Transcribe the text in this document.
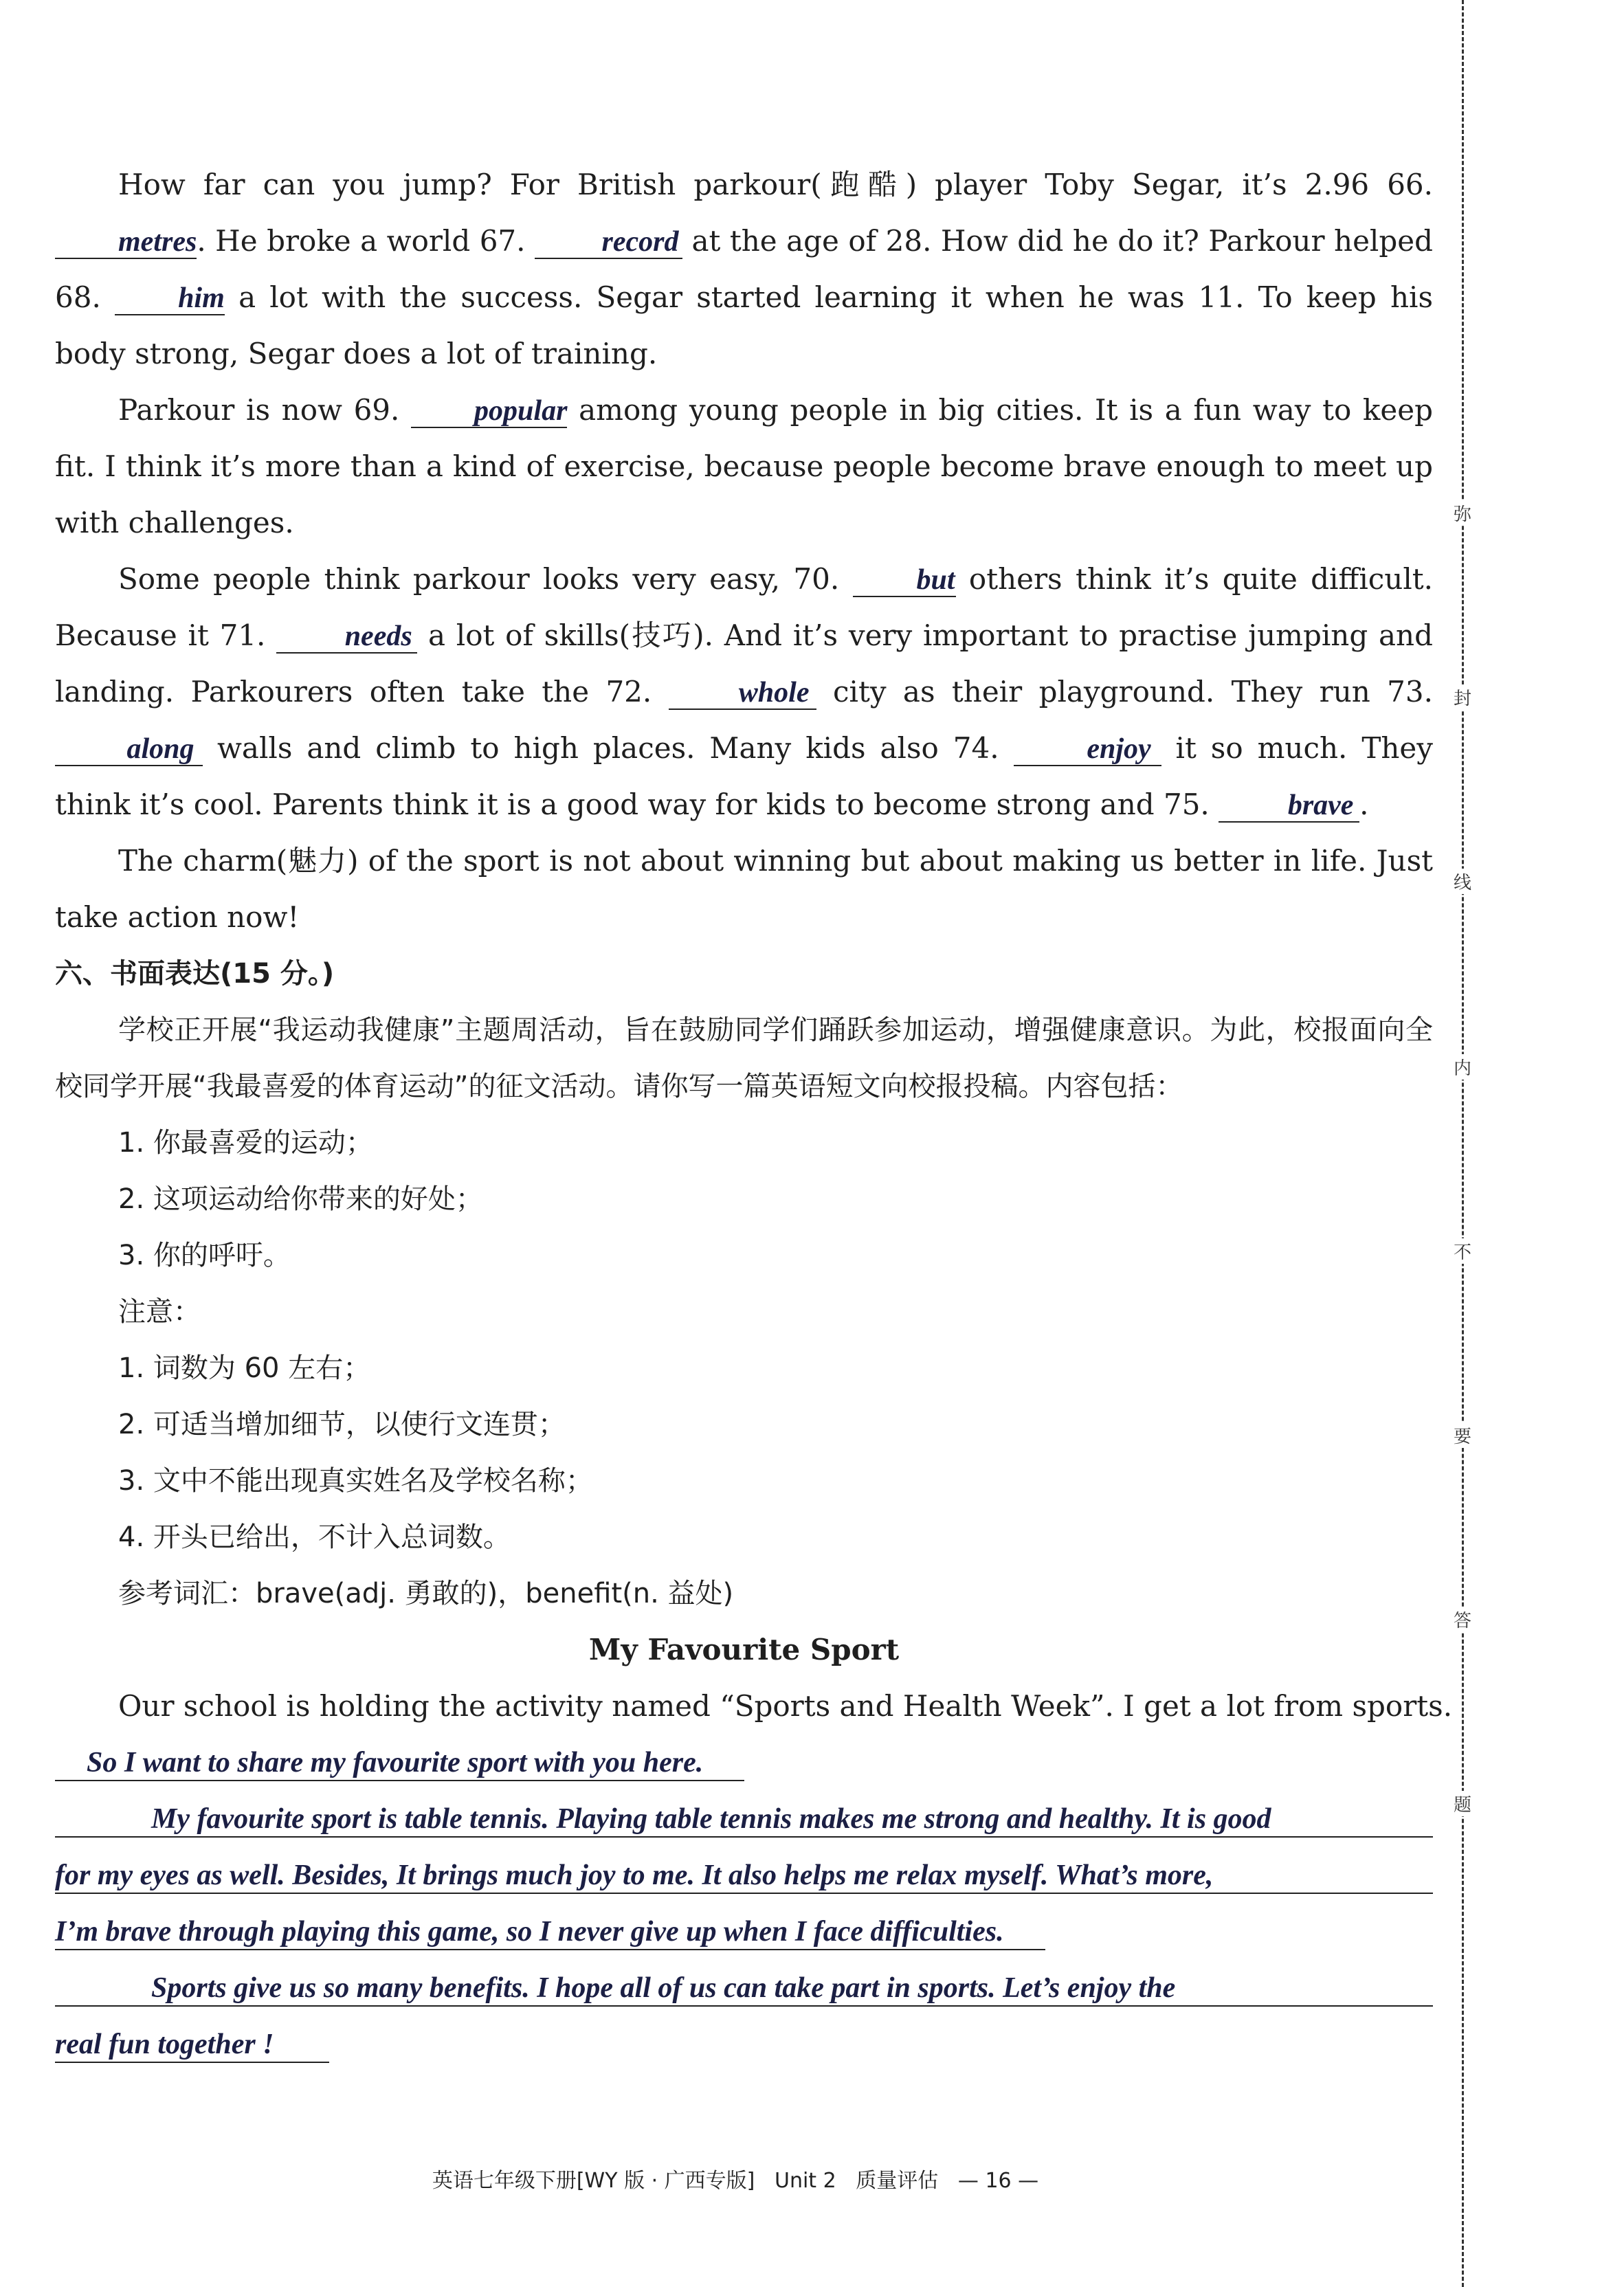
How far can you jump? For British parkour(跑酷) player Toby Segar, it’s 2.96 66. metres. He broke a world 67.	record at the age of 28. How did he do it? Parkour helped 68.	him a lot with the success. Segar started learning it when he was 11. To keep his body strong, Segar does a lot of training.

Parkour is now 69.	popular among young people in big cities. It is a fun way to keep fit. I think it’s more than a kind of exercise, because people become brave enough to meet up with challenges.

Some people think parkour looks very easy, 70.	but others think it’s quite difficult. Because it 71.	needs a lot of skills(技巧). And it’s very important to practise jumping and landing. Parkourers often take the 72.	whole city as their playground. They run 73. along walls and climb to high places. Many kids also 74.	enjoy it so much. They think it’s cool. Parents think it is a good way for kids to become strong and 75.	brave .

The charm(魅力) of the sport is not about winning but about making us better in life. Just take action now!

六、书面表达(15 分。)

学校正开展“我运动我健康”主题周活动，旨在鼓励同学们踊跃参加运动，增强健康意识。为此，校报面向全校同学开展“我最喜爱的体育运动”的征文活动。请你写一篇英语短文向校报投稿。内容包括：

1. 你最喜爱的运动；

2. 这项运动给你带来的好处；

3. 你的呼吁。

注意：

1. 词数为 60 左右；

2. 可适当增加细节，以使行文连贯；

3. 文中不能出现真实姓名及学校名称；

4. 开头已给出，不计入总词数。

参考词汇：brave(adj. 勇敢的)，benefit(n. 益处)

My Favourite Sport

Our school is holding the activity named “Sports and Health Week”. I get a lot from sports.

So I want to share my favourite sport with you here.

My favourite sport is table tennis. Playing table tennis makes me strong and healthy. It is good

for my eyes as well. Besides, It brings much joy to me. It also helps me relax myself. What’s more,

I’m brave through playing this game, so I never give up when I face difficulties.

Sports give us so many benefits. I hope all of us can take part in sports. Let’s enjoy the

real fun together !

英语七年级下册[WY 版 · 广西专版]   Unit 2   质量评估   — 16 —
弥
封
线
内
不
要
答
题
